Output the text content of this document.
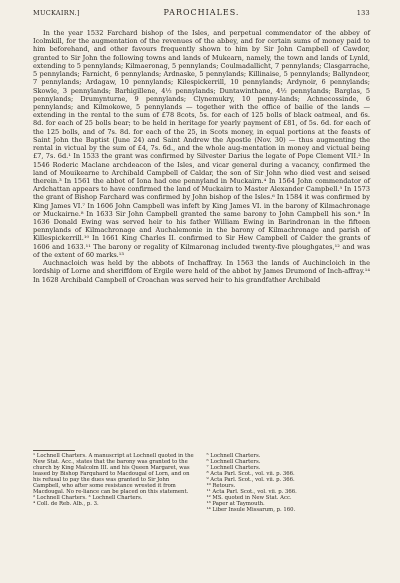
MUCKAIRN.]	PAROCHIALES.	133

In the year 1532 Farchard bishop of the Isles, and perpetual commendator of the abbey of Icolmkill, for the augmentation of the revenues of the abbey, and for certain sums of money paid to him beforehand, and other favours frequently shown to him by Sir John Campbell of Cawdor, granted to Sir John the following towns and lands of Mukearn, namely, the town and lands of Lynld, extending to 5 pennylands; Kilmaeronag, 5 pennylands; Coulmadallicht, 7 pennylands; Clasgarrache, 5 pennylands; Farnicht, 6 pennylands; Ardnaske, 5 pennylands; Killinaise, 5 pennylands; Ballyndeor, 7 pennylands; Ardagaw, 10 pennylands; Kilespickerrill, 10 pennylands; Ardynoir, 6 pennylands; Skowle, 3 pennylands; Barhigillene, 4½ pennylands; Duntawinthane, 4½ pennylands; Barglas, 5 pennylands; Drumynturne, 9 pennylands; Clynemukry, 10 penny-lands; Achnecossinde, 6 pennylands; and Kilmokowe, 5 pennylands — together with the office of bailie of the lands — extending in the rental to the sum of £78 8cots, 5s. for each of 125 bolls of black oatmeal, and 6s. 8d. for each of 25 bolls bear; to be held in heritage for yearly payment of £81, of 5s. 6d. for each of the 125 bolls, and of 7s. 8d. for each of the 25, in Scots money, in equal portions at the feasts of Saint John the Baptist (June 24) and Saint Andrew the Apostle (Nov. 30) — thus augmenting the rental in victual by the sum of £4, 7s. 6d., and the whole aug-mentation in money and victual being £7, 7s. 6d.¹ In 1533 the grant was confirmed by Silvester Darius the legate of Pope Clement VII.² In 1546 Roderic Maclane archdeacon of the Isles, and vicar general during a vacancy, confirmed the land of Mouikearne to Archibald Campbell of Caldar, the son of Sir John who died vest and seised therein.³ In 1561 the abbot of Iona had one pennyland in Muckairn.⁴ In 1564 John commendator of Ardchattan appears to have confirmed the land of Muckairn to Master Alexander Campbell.⁵ In 1573 the grant of Bishop Farchard was confirmed by John bishop of the Isles.⁶ In 1584 it was confirmed by King James VI.⁷ In 1606 John Campbell was infeft by King James VI. in the barony of Kilmachronage or Muckairne.⁸ In 1633 Sir John Campbell granted the same barony to John Campbell his son.⁹ In 1636 Donald Ewing was served heir to his father William Ewing in Barindronan in the fifteen pennylands of Kilmachronage and Auchalemonie in the barony of Kilmachronage and parish of Killespickerrill.¹⁰ In 1661 King Charles II. confirmed to Sir Hew Campbell of Calder the grants of 1606 and 1633.¹¹ The barony or regality of Kilmaronag included twenty-five ploughgates,¹² and was of the extent of 60 marks.¹³

Auchnacloich was held by the abbots of Inchaffray. In 1563 the lands of Auchincloich in the lordship of Lorne and sheriffdom of Ergile were held of the abbot by James Drumond of Inch-affray.¹⁴ In 1628 Archibald Campbell of Croachan was served heir to his grandfather Archibald

¹ Lochnell Charters. A manuscript at Lochnell quoted in the New Stat. Acc., states that the barony was granted to the church by King Malcolm III. and his Queen Margaret, was leased by Bishop Farquhard to Macdougal of Lorn, and on his refusal to pay the dues was granted to Sir John Campbell, who after some resistance wrested it from Macdougal. No re-liance can be placed on this statement.

² Lochnell Charters. ³ Lochnell Charters.

⁴ Coll. de Reb. Alb., p. 3.

⁵ Lochnell Charters.

⁶ Lochnell Charters.

⁷ Lochnell Charters.

⁸ Acta Parl. Scot., vol. vii. p. 366.

⁹ Acta Parl. Scot., vol. vii. p. 366.

¹⁰ Retours.

¹¹ Acta Parl. Scot., vol. vii. p. 366.

¹² MS. quoted in New Stat. Acc.

¹³ Paper at Taymouth.

¹⁴ Liber Insule Missarum, p. 160.
